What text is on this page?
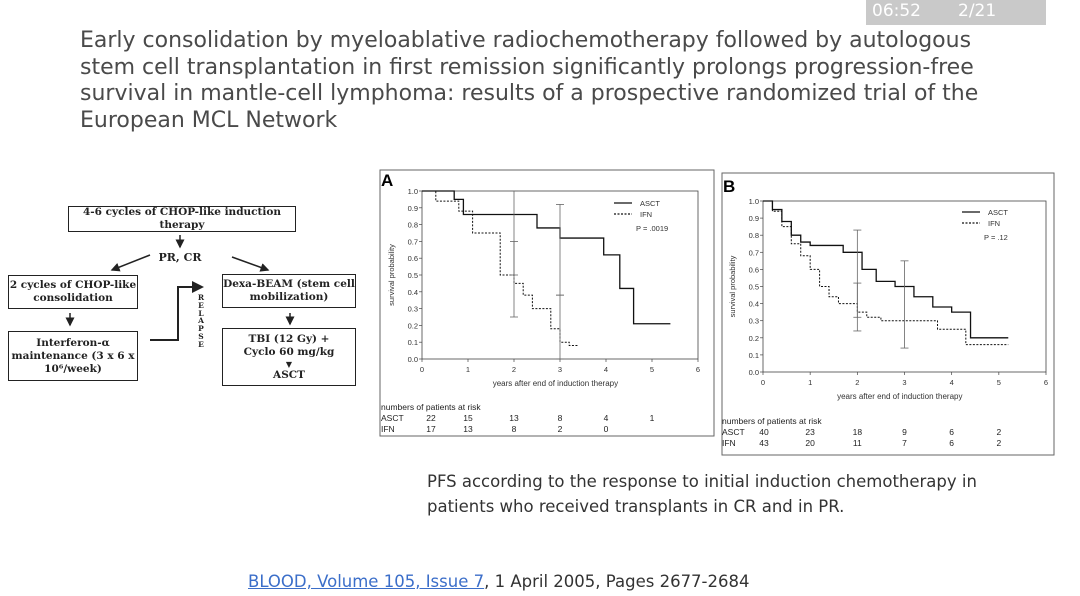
06:52 2/21
Early consolidation by myeloablative radiochemotherapy followed by autologous stem cell transplantation in first remission significantly prolongs progression-free survival in mantle-cell lymphoma: results of a prospective randomized trial of the European MCL Network
4-6 cycles of CHOP-like induction therapy
PR, CR
2 cycles of CHOP-like consolidation
Interferon-α maintenance (3 x 6 x 10⁶/week)
Dexa-BEAM (stem cell mobilization)
TBI (12 Gy) + Cyclo 60 mg/kg
▼
ASCT
RELAPSE
A
0.0
0.1
0.2
0.3
0.4
0.5
0.6
0.7
0.8
0.9
1.0
0	1	2	3	4	5	6
years after end of induction therapy
survival probability
ASCT
IFN
P = .0019
numbers of patients at risk
ASCT	22	15	13	8	4	1
IFN	17	13	8	2	0
B
0.0
0.1
0.2
0.3
0.4
0.5
0.6
0.7
0.8
0.9
1.0
0	1	2	3	4	5	6
years after end of induction therapy
survival probability
ASCT
IFN
P = .12
numbers of patients at risk
ASCT 40	23	18	9	6	2
IFN	43	20	11	7	6	2
PFS according to the response to initial induction chemotherapy in patients who received transplants in CR and in PR.
BLOOD, Volume 105, Issue 7, 1 April 2005, Pages 2677-2684
